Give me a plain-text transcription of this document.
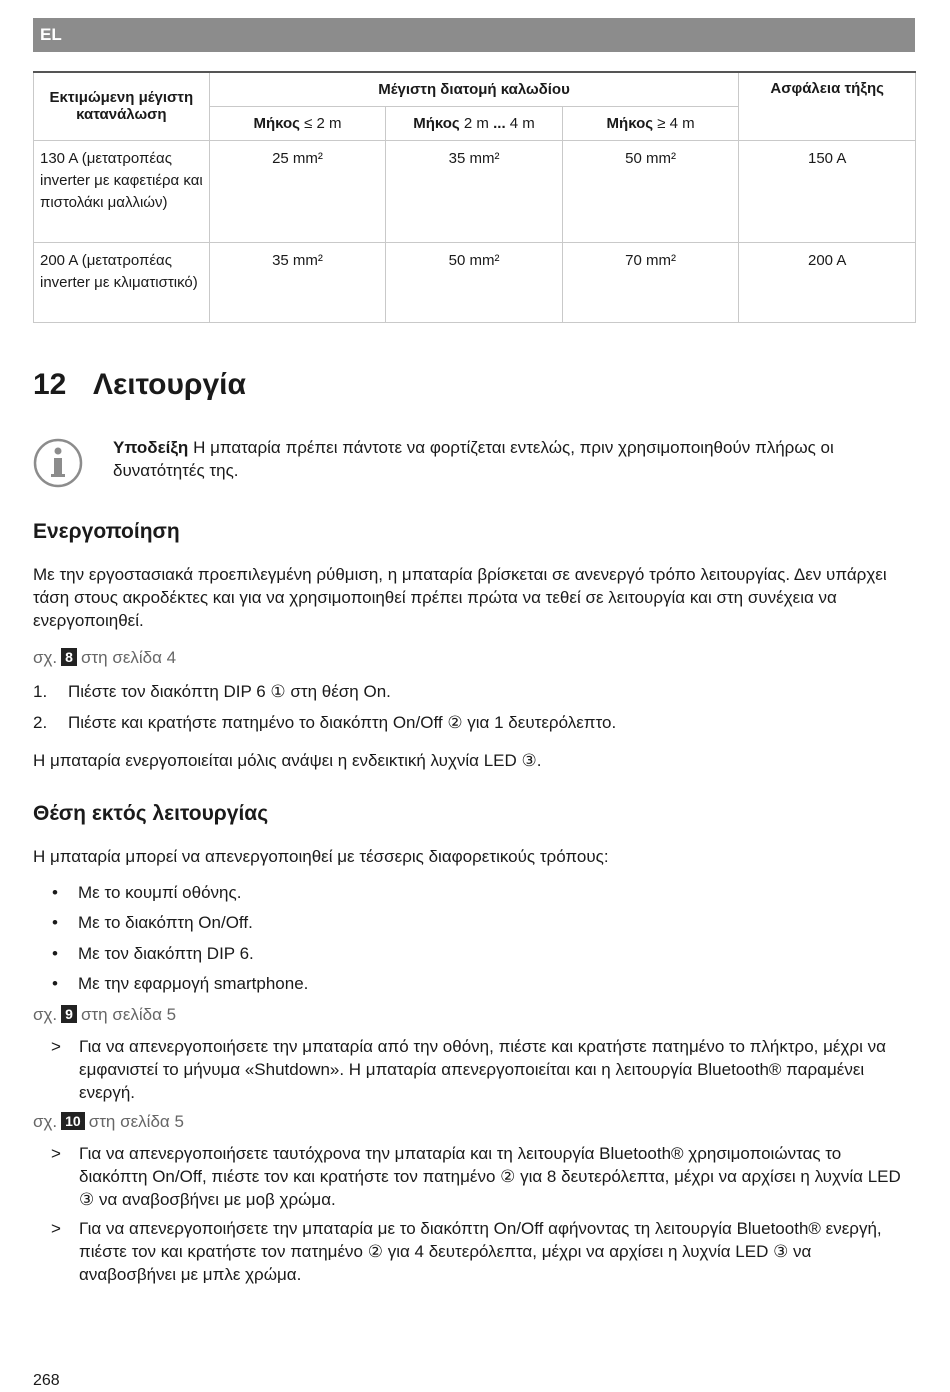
EL
Εκτιμώμενη μέγιστη κατανάλωση	Μέγιστη διατομή καλωδίου			Ασφάλεια τήξης
	Μήκος ≤ 2 m	Μήκος 2 m ... 4 m	Μήκος ≥ 4 m	
130 A (μετατροπέας inverter με καφετιέρα και πιστολάκι μαλλιών)	25 mm²	35 mm²	50 mm²	150 A
200 A (μετατροπέας inverter με κλιματιστικό)	35 mm²	50 mm²	70 mm²	200 A
12 Λειτουργία
Υποδείξη Η μπαταρία πρέπει πάντοτε να φορτίζεται εντελώς, πριν χρησιμοποιηθούν πλήρως οι δυνατότητές της.
Ενεργοποίηση

Με την εργοστασιακά προεπιλεγμένη ρύθμιση, η μπαταρία βρίσκεται σε ανενεργό τρόπο λειτουργίας. Δεν υπάρχει τάση στους ακροδέκτες και για να χρησιμοποιηθεί πρέπει πρώτα να τεθεί σε λειτουργία και στη συνέχεια να ενεργοποιηθεί.

σχ. 8 στη σελίδα 4

1.	Πιέστε τον διακόπτη DIP 6 ① στη θέση On.
2.	Πιέστε και κρατήστε πατημένο το διακόπτη On/Off ② για 1 δευτερόλεπτο.

Η μπαταρία ενεργοποιείται μόλις ανάψει η ενδεικτική λυχνία LED ③.

Θέση εκτός λειτουργίας

Η μπαταρία μπορεί να απενεργοποιηθεί με τέσσερις διαφορετικούς τρόπους:

• Με το κουμπί οθόνης.
• Με το διακόπτη On/Off.
• Με τον διακόπτη DIP 6.
• Με την εφαρμογή smartphone.

σχ. 9 στη σελίδα 5

> Για να απενεργοποιήσετε την μπαταρία από την οθόνη, πιέστε και κρατήστε πατημένο το πλήκτρο, μέχρι να εμφανιστεί το μήνυμα «Shutdown». Η μπαταρία απενεργοποιείται και η λειτουργία Bluetooth® παραμένει ενεργή.

σχ. 10 στη σελίδα 5

> Για να απενεργοποιήσετε ταυτόχρονα την μπαταρία και τη λειτουργία Bluetooth® χρησιμοποιώντας το διακόπτη On/Off, πιέστε τον και κρατήστε τον πατημένο ② για 8 δευτερόλεπτα, μέχρι να αρχίσει η λυχνία LED ③ να αναβοσβήνει με μοβ χρώμα.
> Για να απενεργοποιήσετε την μπαταρία με το διακόπτη On/Off αφήνοντας τη λειτουργία Bluetooth® ενεργή, πιέστε τον και κρατήστε τον πατημένο ② για 4 δευτερόλεπτα, μέχρι να αρχίσει η λυχνία LED ③ να αναβοσβήνει με μπλε χρώμα.
268
